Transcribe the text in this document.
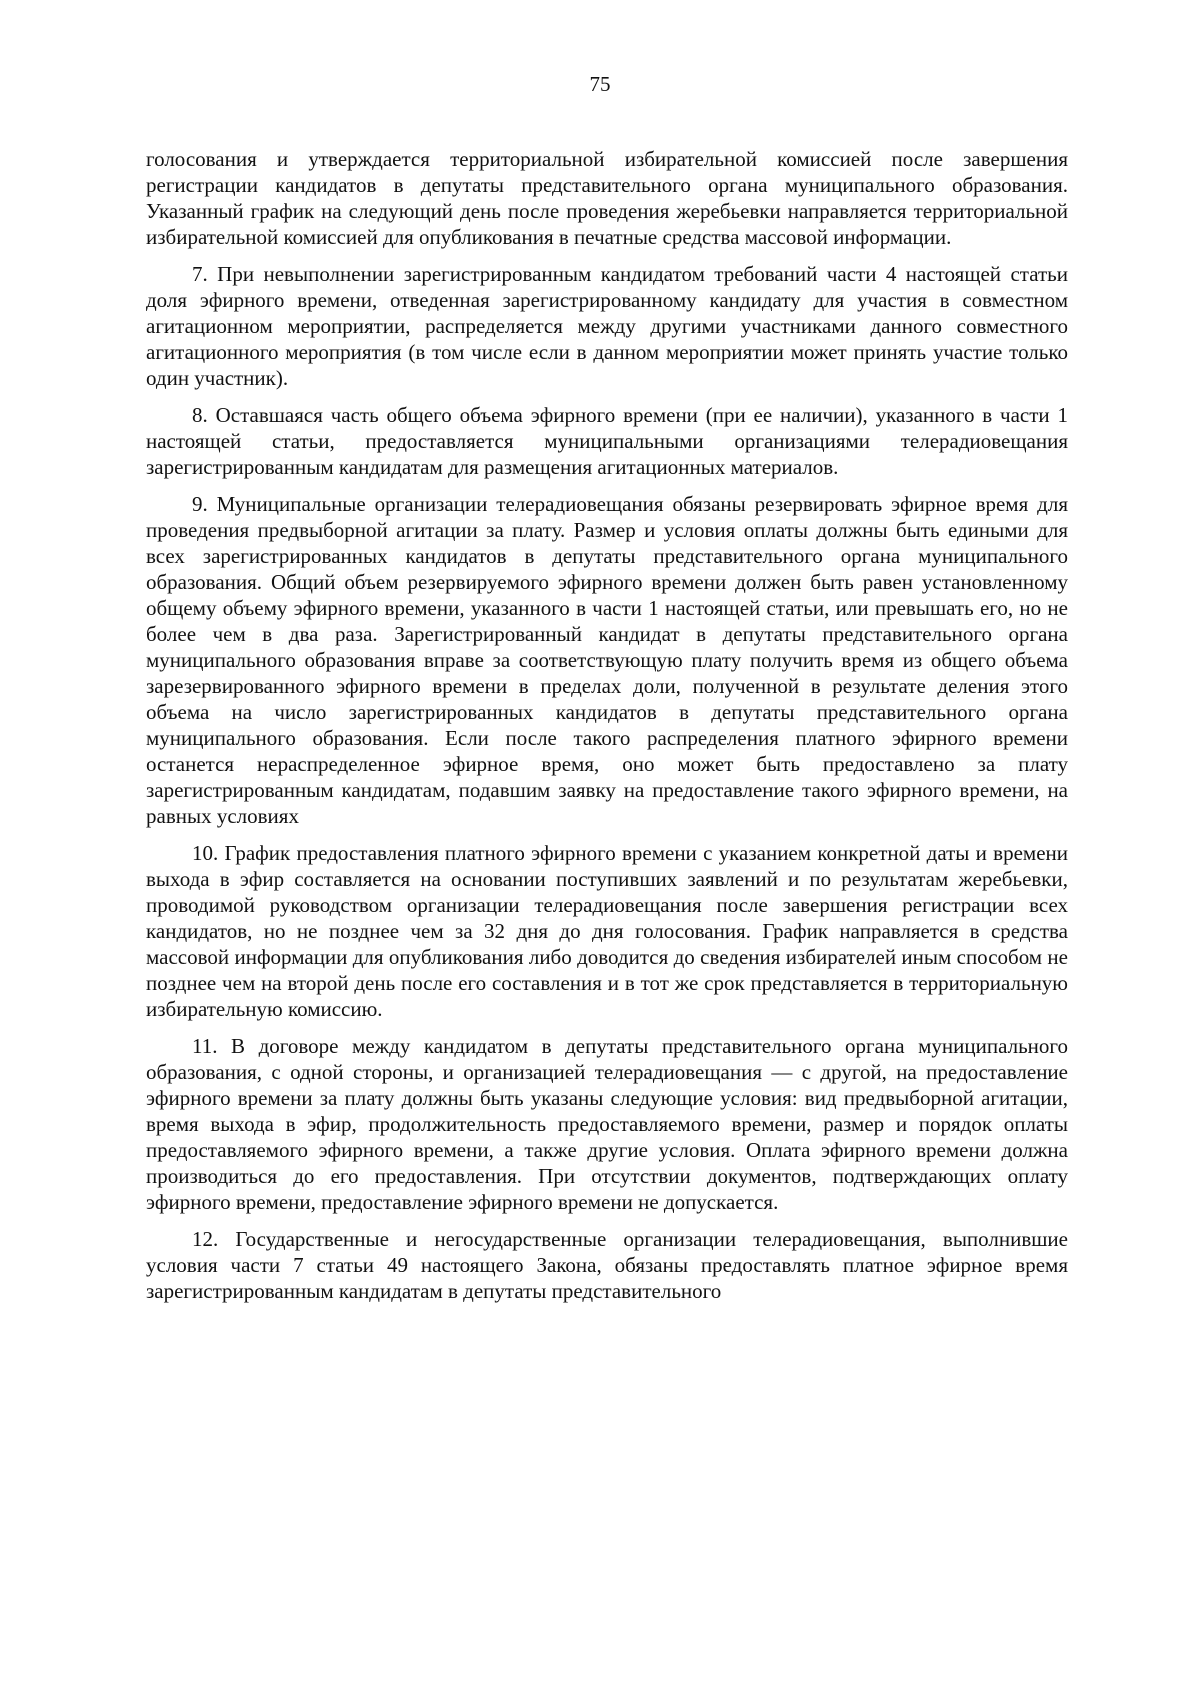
75

голосования и утверждается территориальной избирательной комиссией после завершения регистрации кандидатов в депутаты представительного органа муниципального образования. Указанный график на следующий день после проведения жеребьевки направляется территориальной избирательной комиссией для опубликования в печатные средства массовой информации.

7. При невыполнении зарегистрированным кандидатом требований части 4 настоящей статьи доля эфирного времени, отведенная зарегистрированному кандидату для участия в совместном агитационном мероприятии, распределяется между другими участниками данного совместного агитационного мероприятия (в том числе если в данном мероприятии может принять участие только один участник).

8. Оставшаяся часть общего объема эфирного времени (при ее наличии), указанного в части 1 настоящей статьи, предоставляется муниципальными организациями телерадиовещания зарегистрированным кандидатам для размещения агитационных материалов.

9. Муниципальные организации телерадиовещания обязаны резервировать эфирное время для проведения предвыборной агитации за плату. Размер и условия оплаты должны быть едиными для всех зарегистрированных кандидатов в депутаты представительного органа муниципального образования. Общий объем резервируемого эфирного времени должен быть равен установленному общему объему эфирного времени, указанного в части 1 настоящей статьи, или превышать его, но не более чем в два раза. Зарегистрированный кандидат в депутаты представительного органа муниципального образования вправе за соответствующую плату получить время из общего объема зарезервированного эфирного времени в пределах доли, полученной в результате деления этого объема на число зарегистрированных кандидатов в депутаты представительного органа муниципального образования. Если после такого распределения платного эфирного времени останется нераспределенное эфирное время, оно может быть предоставлено за плату зарегистрированным кандидатам, подавшим заявку на предоставление такого эфирного времени, на равных условиях

10. График предоставления платного эфирного времени с указанием конкретной даты и времени выхода в эфир составляется на основании поступивших заявлений и по результатам жеребьевки, проводимой руководством организации телерадиовещания после завершения регистрации всех кандидатов, но не позднее чем за 32 дня до дня голосования. График направляется в средства массовой информации для опубликования либо доводится до сведения избирателей иным способом не позднее чем на второй день после его составления и в тот же срок представляется в территориальную избирательную комиссию.

11. В договоре между кандидатом в депутаты представительного органа муниципального образования, с одной стороны, и организацией телерадиовещания — с другой, на предоставление эфирного времени за плату должны быть указаны следующие условия: вид предвыборной агитации, время выхода в эфир, продолжительность предоставляемого времени, размер и порядок оплаты предоставляемого эфирного времени, а также другие условия. Оплата эфирного времени должна производиться до его предоставления. При отсутствии документов, подтверждающих оплату эфирного времени, предоставление эфирного времени не допускается.

12. Государственные и негосударственные организации телерадиовещания, выполнившие условия части 7 статьи 49 настоящего Закона, обязаны предоставлять платное эфирное время зарегистрированным кандидатам в депутаты представительного
